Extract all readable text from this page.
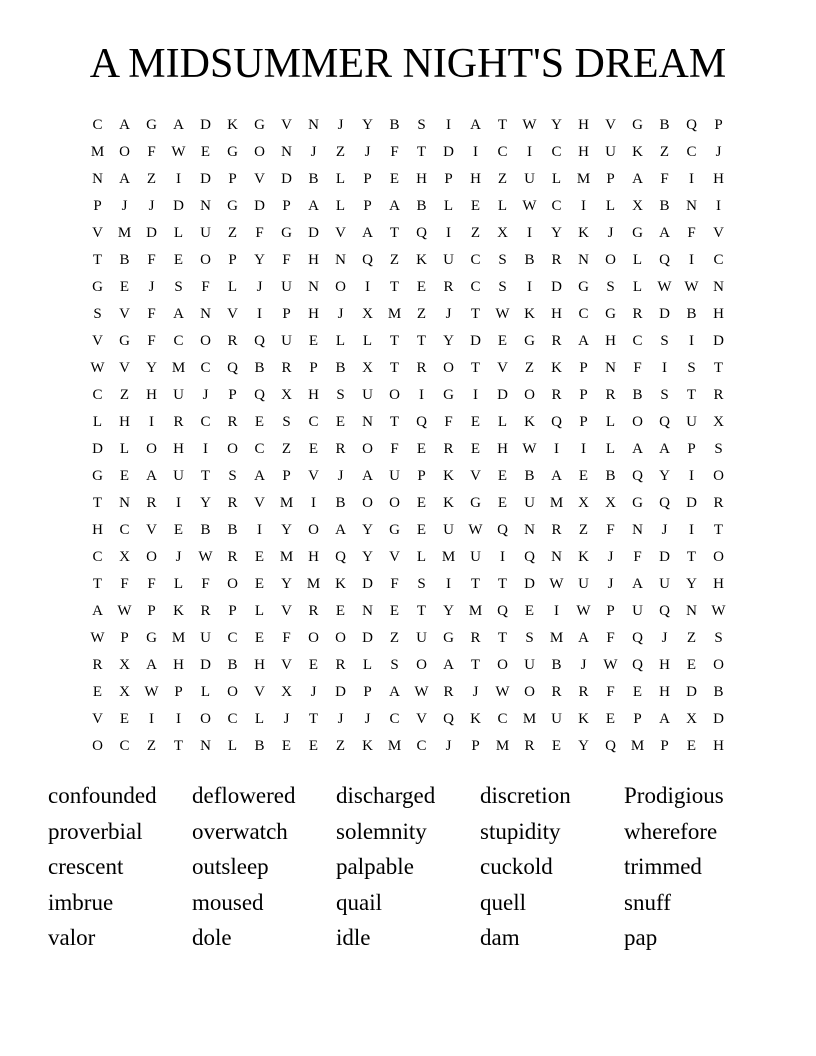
A MIDSUMMER NIGHT'S DREAM
C	A	G	A	D	K	G	V	N	J	Y	B	S	I	A	T	W Y	H	V	G	B	Q	P
M O	F	W	E	G	O	N	J	Z	J	F	T	D	I	C	I	C	H	U	K	Z	C	J
N	A	Z	I	D	P	V	D	B	L	P	E	H	P	H	Z	U	L	M	P	A	F	I	H
P	J	J	D	N	G	D	P	A	L	P	A	B	L	E	L	W C	I	L	X	B	N	I
V M D	L	U	Z	F	G	D	V	A	T	Q	I	Z	X	I	Y	K	J	G	A	F	V
T	B	F	E	O	P	Y	F	H	N	Q	Z	K	U	C	S	B	R	N	O	L	Q	I	C
G	E	J	S	F	L	J	U	N	O	I	T	E	R	C	S	I	D	G	S	L	W W N
S	V	F	A	N	V	I	P	H	J	X M	Z	J	T	W K	H	C	G	R	D	B	H
V	G	F	C	O	R	Q	U	E	L	L	T	T	Y	D	E	G	R	A	H	C	S	I	D
W V	Y M	C	Q	B	R	P	B	X	T	R	O	T	V	Z	K	P	N	F	I	S	T
C	Z	H	U	J	P	Q	X	H	S	U	O	I	G	I	D	O	R	P	R	B	S	T	R
L	H	I	R	C	R	E	S	C	E	N	T	Q	F	E	L	K	Q	P	L	O	Q	U	X
D	L	O	H	I	O	C	Z	E	R	O	F	E	R	E	H W	I	I	L	A	A	P	S
G	E	A	U	T	S	A	P	V	J	A	U	P	K	V	E	B	A	E	B	Q	Y	I	O
T	N	R	I	Y	R	V M	I	B	O	O	E	K	G	E	U M X	X	G	Q	D	R
H	C	V	E	B	B	I	Y	O	A	Y	G	E	U W Q	N	R	Z	F	N	J	I	T
C	X	O	J	W R	E	M H	Q	Y	V	L	M U	I	Q	N	K	J	F	D	T	O
T	F	F	L	F	O	E	Y M K	D	F	S	I	T	T	D W U	J	A	U	Y	H
A W	P	K	R	P	L	V	R	E	N	E	T	Y M Q	E	I	W	P	U	Q	N W
W	P	G M U	C	E	F	O	O	D	Z	U	G	R	T	S	M A	F	Q	J	Z	S
R	X	A	H	D	B	H	V	E	R	L	S	O	A	T	O	U	B	J	W Q	H	E	O
E	X W	P	L	O	V	X	J	D	P	A W R	J	W O	R	R	F	E	H	D	B
V	E	I	I	O	C	L	J	T	J	J	C	V	Q	K	C	M U	K	E	P	A	X	D
O	C	Z	T	N	L	B	E	E	Z	K M	C	J	P	M	R	E	Y	Q M	P	E	H
confounded	deflowered	discharged	discretion	Prodigious
proverbial	overwatch	solemnity	stupidity	wherefore
crescent	outsleep	palpable	cuckold	trimmed
imbrue	moused	quail	quell	snuff
valor	dole	idle	dam	pap
